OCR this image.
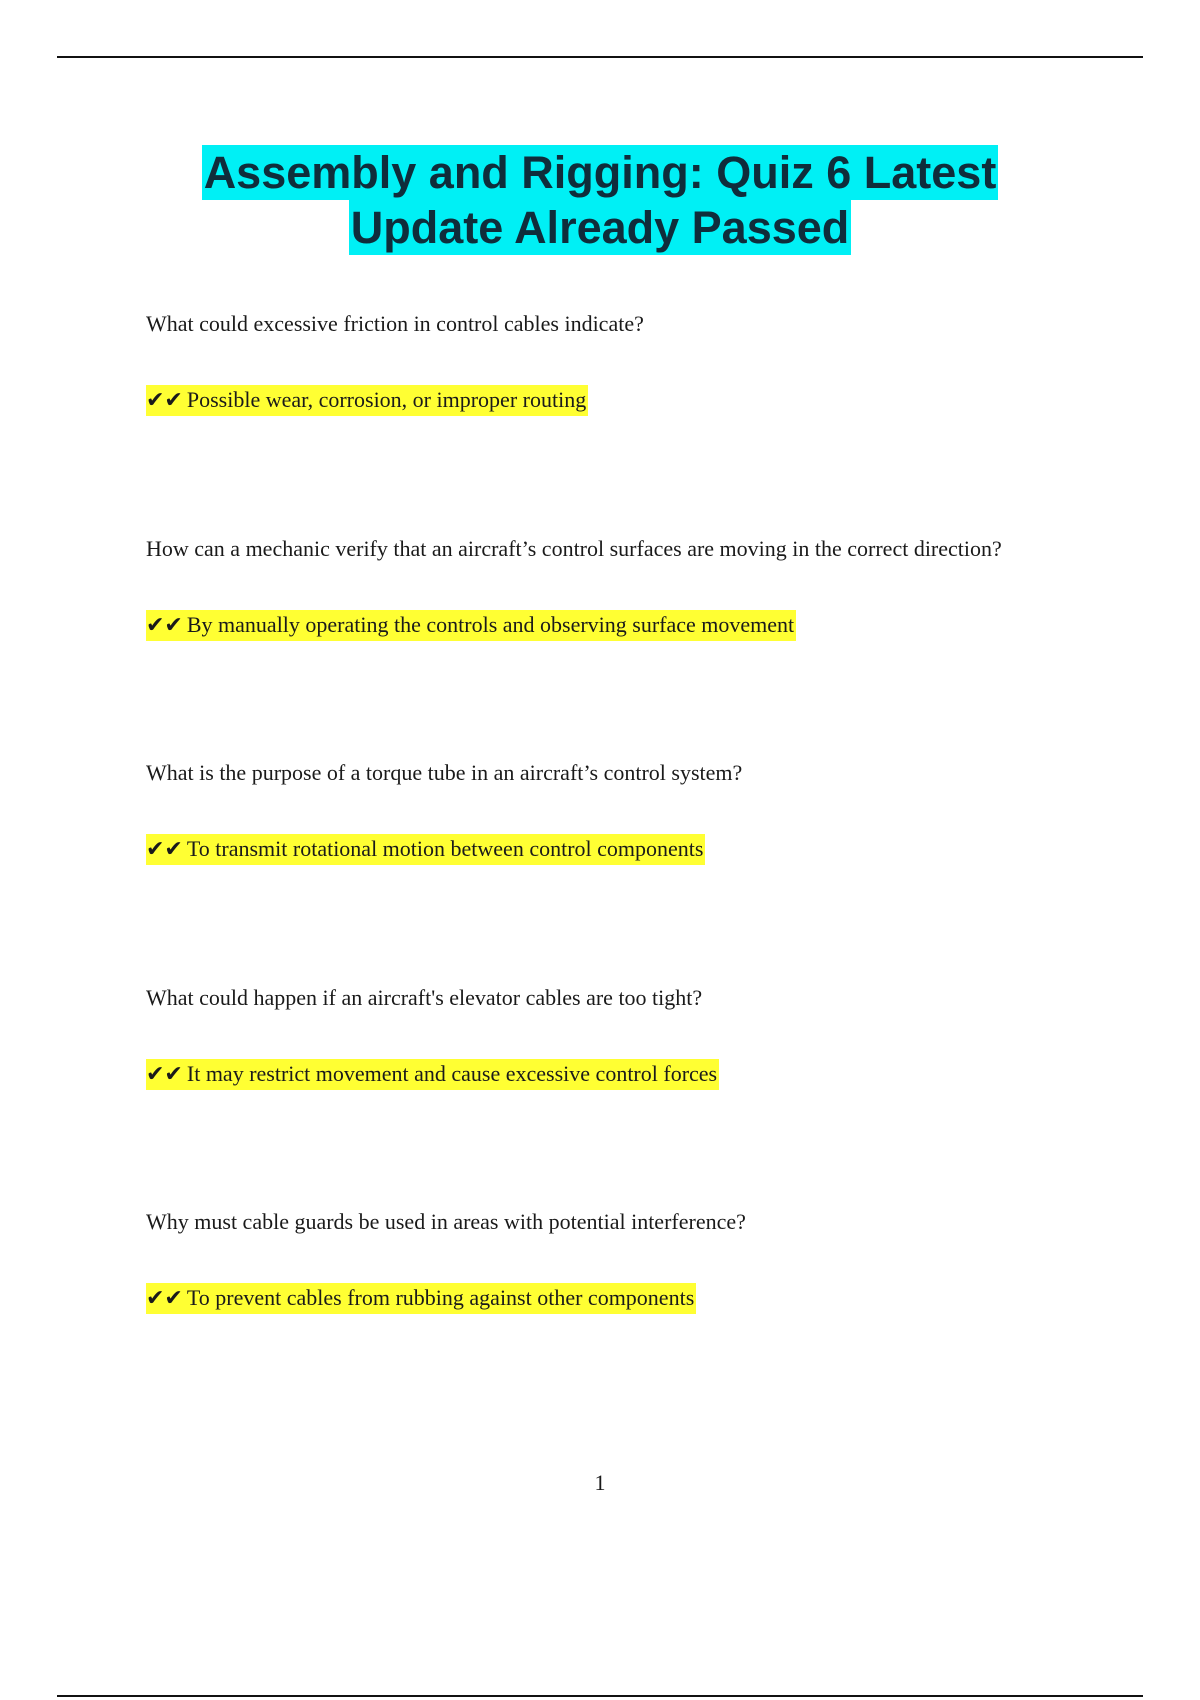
Assembly and Rigging: Quiz 6 Latest
Update Already Passed

What could excessive friction in control cables indicate?

✔✔ Possible wear, corrosion, or improper routing

How can a mechanic verify that an aircraft’s control surfaces are moving in the correct direction?

✔✔ By manually operating the controls and observing surface movement

What is the purpose of a torque tube in an aircraft’s control system?

✔✔ To transmit rotational motion between control components

What could happen if an aircraft's elevator cables are too tight?

✔✔ It may restrict movement and cause excessive control forces

Why must cable guards be used in areas with potential interference?

✔✔ To prevent cables from rubbing against other components
1
